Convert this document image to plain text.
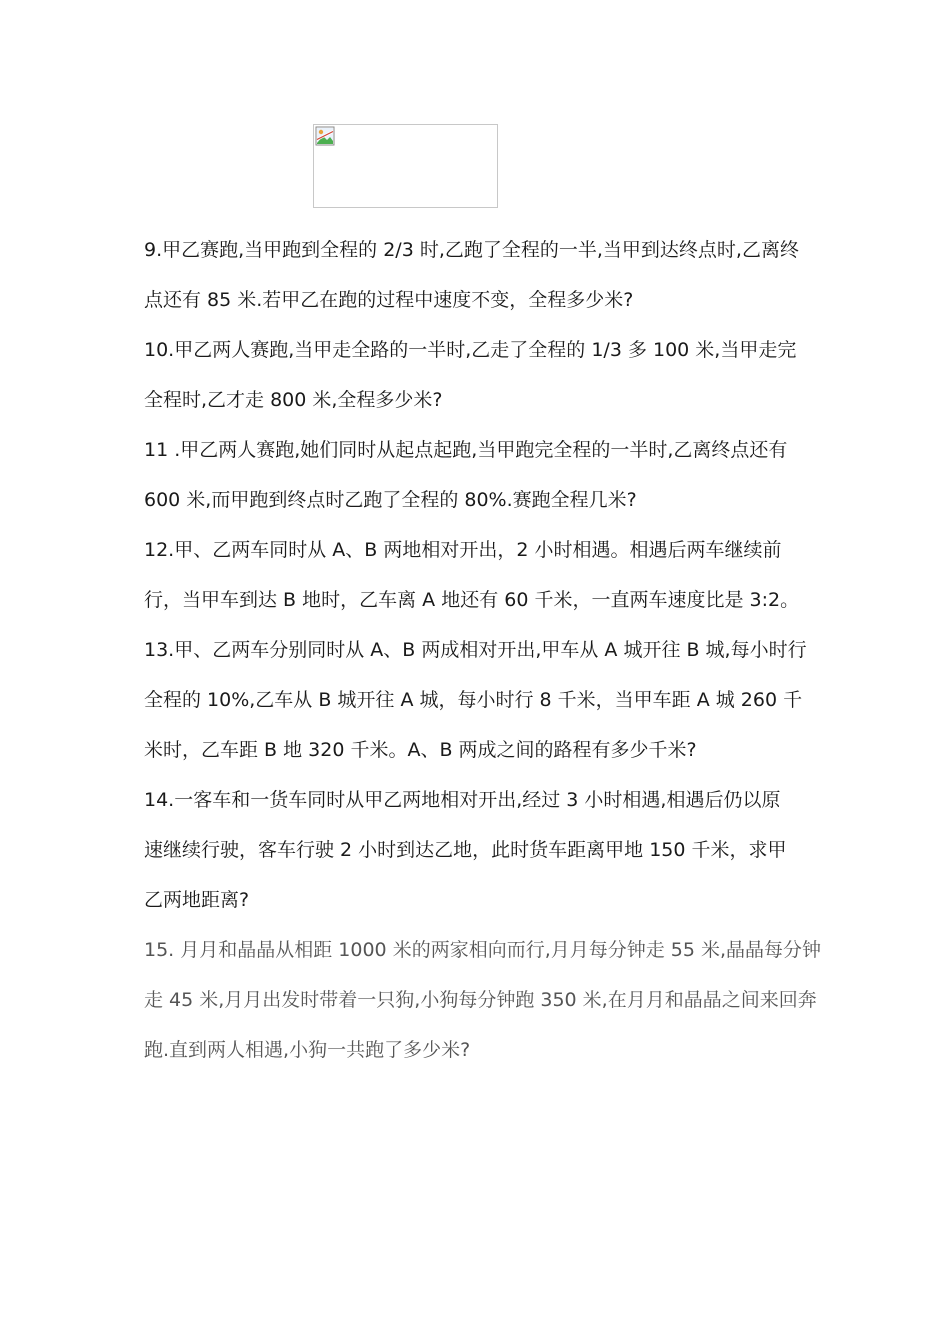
9.甲乙赛跑,当甲跑到全程的 2/3 时,乙跑了全程的一半,当甲到达终点时,乙离终
点还有 85 米.若甲乙在跑的过程中速度不变，全程多少米?
10.甲乙两人赛跑,当甲走全路的一半时,乙走了全程的 1/3 多 100 米,当甲走完
全程时,乙才走 800 米,全程多少米?
11 .甲乙两人赛跑,她们同时从起点起跑,当甲跑完全程的一半时,乙离终点还有
600 米,而甲跑到终点时乙跑了全程的 80%.赛跑全程几米?
12.甲、乙两车同时从 A、B 两地相对开出，2 小时相遇。相遇后两车继续前
行，当甲车到达 B 地时，乙车离 A 地还有 60 千米，一直两车速度比是 3:2。
13.甲、乙两车分别同时从 A、B 两成相对开出,甲车从 A 城开往 B 城,每小时行
全程的 10%,乙车从 B 城开往 A 城，每小时行 8 千米，当甲车距 A 城 260 千
米时，乙车距 B 地 320 千米。A、B 两成之间的路程有多少千米?
14.一客车和一货车同时从甲乙两地相对开出,经过 3 小时相遇,相遇后仍以原
速继续行驶，客车行驶 2 小时到达乙地，此时货车距离甲地 150 千米，求甲
乙两地距离?
15. 月月和晶晶从相距 1000 米的两家相向而行,月月每分钟走 55 米,晶晶每分钟
走 45 米,月月出发时带着一只狗,小狗每分钟跑 350 米,在月月和晶晶之间来回奔
跑.直到两人相遇,小狗一共跑了多少米?
